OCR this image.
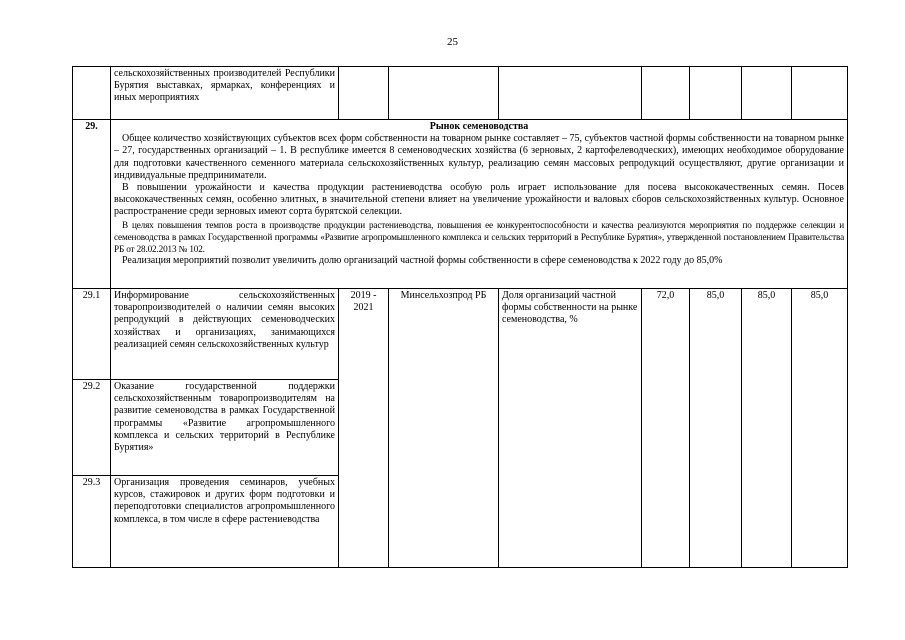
25
	сельскохозяйственных производителей Республики Бурятия выставках, ярмарках, конференциях и иных мероприятиях							
29.	Рынок семеноводства
Общее количество хозяйствующих субъектов всех форм собственности на товарном рынке составляет – 75, субъектов частной формы собственности на товарном рынке – 27, государственных организаций – 1. В республике имеется 8 семеноводческих хозяйства (6 зерновых, 2 картофелеводческих), имеющих необходимое оборудование для подготовки качественного семенного материала сельскохозяйственных культур, реализацию семян массовых репродукций осуществляют, другие организации и индивидуальные предприниматели.
В повышении урожайности и качества продукции растениеводства особую роль играет использование для посева высококачественных семян. Посев высококачественных семян, особенно элитных, в значительной степени влияет на увеличение урожайности и валовых сборов сельскохозяйственных культур. Основное распространение среди зерновых имеют сорта бурятской селекции.
В целях повышения темпов роста в производстве продукции растениеводства, повышения ее конкурентоспособности и качества реализуются мероприятия по поддержке селекции и семеноводства в рамках Государственной программы «Развитие агропромышленного комплекса и сельских территорий в Республике Бурятия», утвержденной постановлением Правительства РБ от 28.02.2013 № 102.
Реализация мероприятий позволит увеличить долю организаций частной формы собственности в сфере семеноводства к 2022 году до 85,0%							

29.1	Информирование сельскохозяйственных товаропроизводителей о наличии семян высоких репродукций в действующих семеноводческих хозяйствах и организациях, занимающихся реализацией семян сельскохозяйственных культур	2019 - 2021	Минсельхозпрод РБ	Доля организаций частной формы собственности на рынке семеноводства, %	72,0	85,0	85,0	85,0
29.2	Оказание государственной поддержки сельскохозяйственным товаропроизводителям на развитие семеноводства в рамках Государственной программы «Развитие агропромышленного комплекса и сельских территорий в Республике Бурятия»							
29.3	Организация проведения семинаров, учебных курсов, стажировок и других форм подготовки и переподготовки специалистов агропромышленного комплекса, в том числе в сфере растениеводства							
